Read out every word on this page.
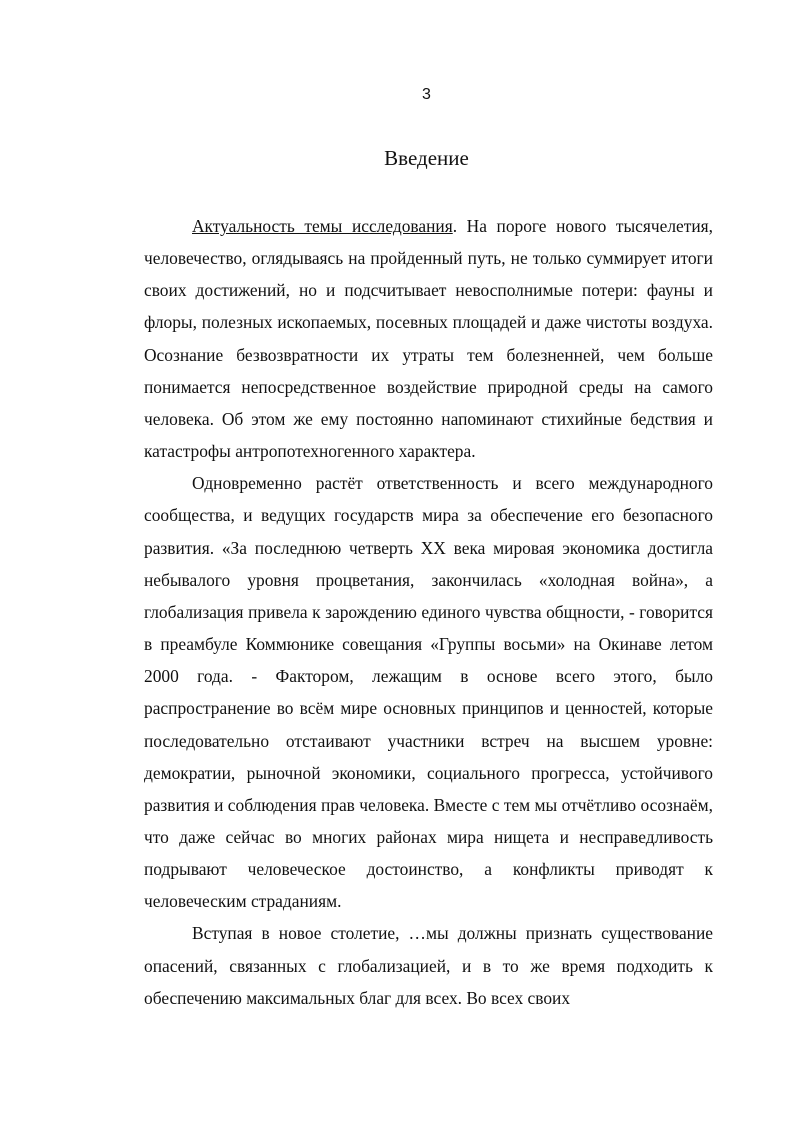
3
Введение

Актуальность темы исследования. На пороге нового тысячелетия, человечество, оглядываясь на пройденный путь, не только суммирует итоги своих достижений, но и подсчитывает невосполнимые потери: фауны и флоры, полезных ископаемых, посевных площадей и даже чистоты воздуха. Осознание безвозвратности их утраты тем болезненней, чем больше понимается непосредственное воздействие природной среды на самого человека. Об этом же ему постоянно напоминают стихийные бедствия и катастрофы антропотехногенного характера.

Одновременно растёт ответственность и всего международного сообщества, и ведущих государств мира за обеспечение его безопасного развития. «За последнюю четверть XX века мировая экономика достигла небывалого уровня процветания, закончилась «холодная война», а глобализация привела к зарождению единого чувства общности, - говорится в преамбуле Коммюнике совещания «Группы восьми» на Окинаве летом 2000 года. - Фактором, лежащим в основе всего этого, было распространение во всём мире основных принципов и ценностей, которые последовательно отстаивают участники встреч на высшем уровне: демократии, рыночной экономики, социального прогресса, устойчивого развития и соблюдения прав человека. Вместе с тем мы отчётливо осознаём, что даже сейчас во многих районах мира нищета и несправедливость подрывают человеческое достоинство, а конфликты приводят к человеческим страданиям.

Вступая в новое столетие, …мы должны признать существование опасений, связанных с глобализацией, и в то же время подходить к обеспечению максимальных благ для всех. Во всех своих
